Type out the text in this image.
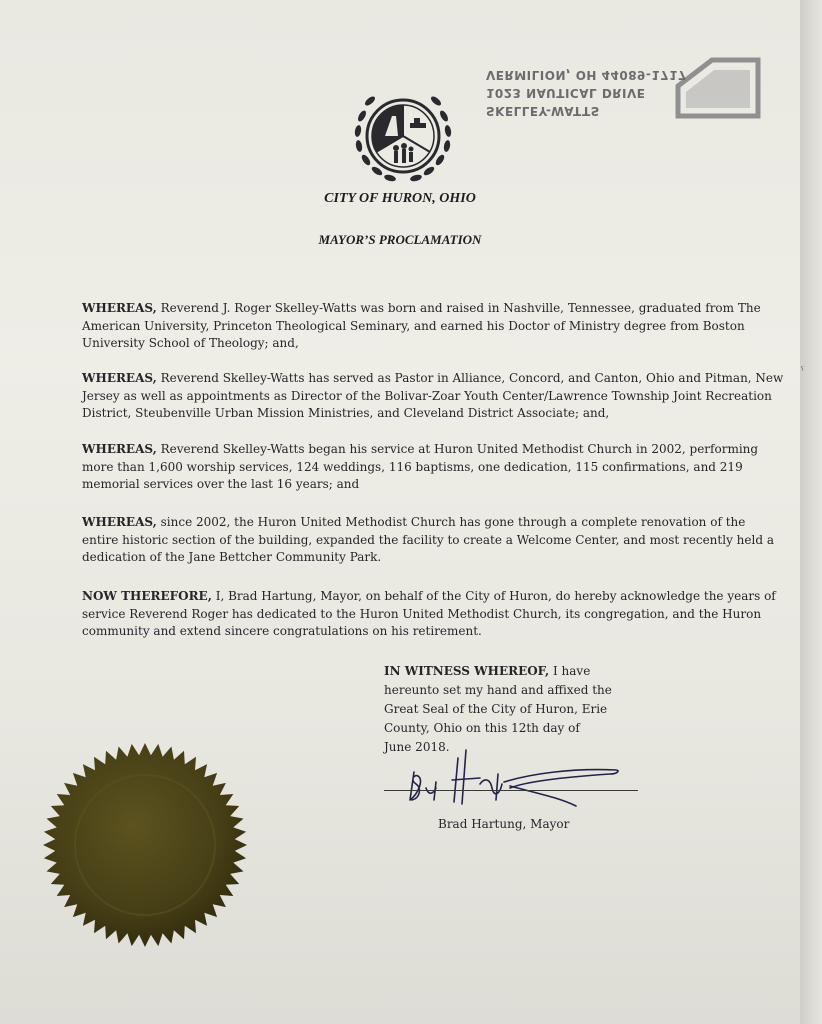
SKELLEY-WATTS
1023 NAUTICAL DRIVE
VERMILION, OH 44089-1717
CITY OF HURON, OHIO
MAYOR’S PROCLAMATION
WHEREAS, Reverend J. Roger Skelley-Watts was born and raised in Nashville, Tennessee, graduated from The American University, Princeton Theological Seminary, and earned his Doctor of Ministry degree from Boston University School of Theology; and,
WHEREAS, Reverend Skelley-Watts has served as Pastor in Alliance, Concord, and Canton, Ohio and Pitman, New Jersey as well as appointments as Director of the Bolivar-Zoar Youth Center/Lawrence Township Joint Recreation District, Steubenville Urban Mission Ministries, and Cleveland District Associate; and,
WHEREAS, Reverend Skelley-Watts began his service at Huron United Methodist Church in 2002, performing more than 1,600 worship services, 124 weddings, 116 baptisms, one dedication, 115 confirmations, and 219 memorial services over the last 16 years; and
WHEREAS, since 2002, the Huron United Methodist Church has gone through a complete renovation of the entire historic section of the building, expanded the facility to create a Welcome Center, and most recently held a dedication of the Jane Bettcher Community Park.
NOW THEREFORE, I, Brad Hartung, Mayor, on behalf of the City of Huron, do hereby acknowledge the years of service Reverend Roger has dedicated to the Huron United Methodist Church, its congregation, and the Huron community and extend sincere congratulations on his retirement.
IN WITNESS WHEREOF, I have
hereunto set my hand and affixed the
Great Seal of the City of Huron, Erie
County, Ohio on this 12th day of
June 2018.
Brad Hartung, Mayor
ˁ
